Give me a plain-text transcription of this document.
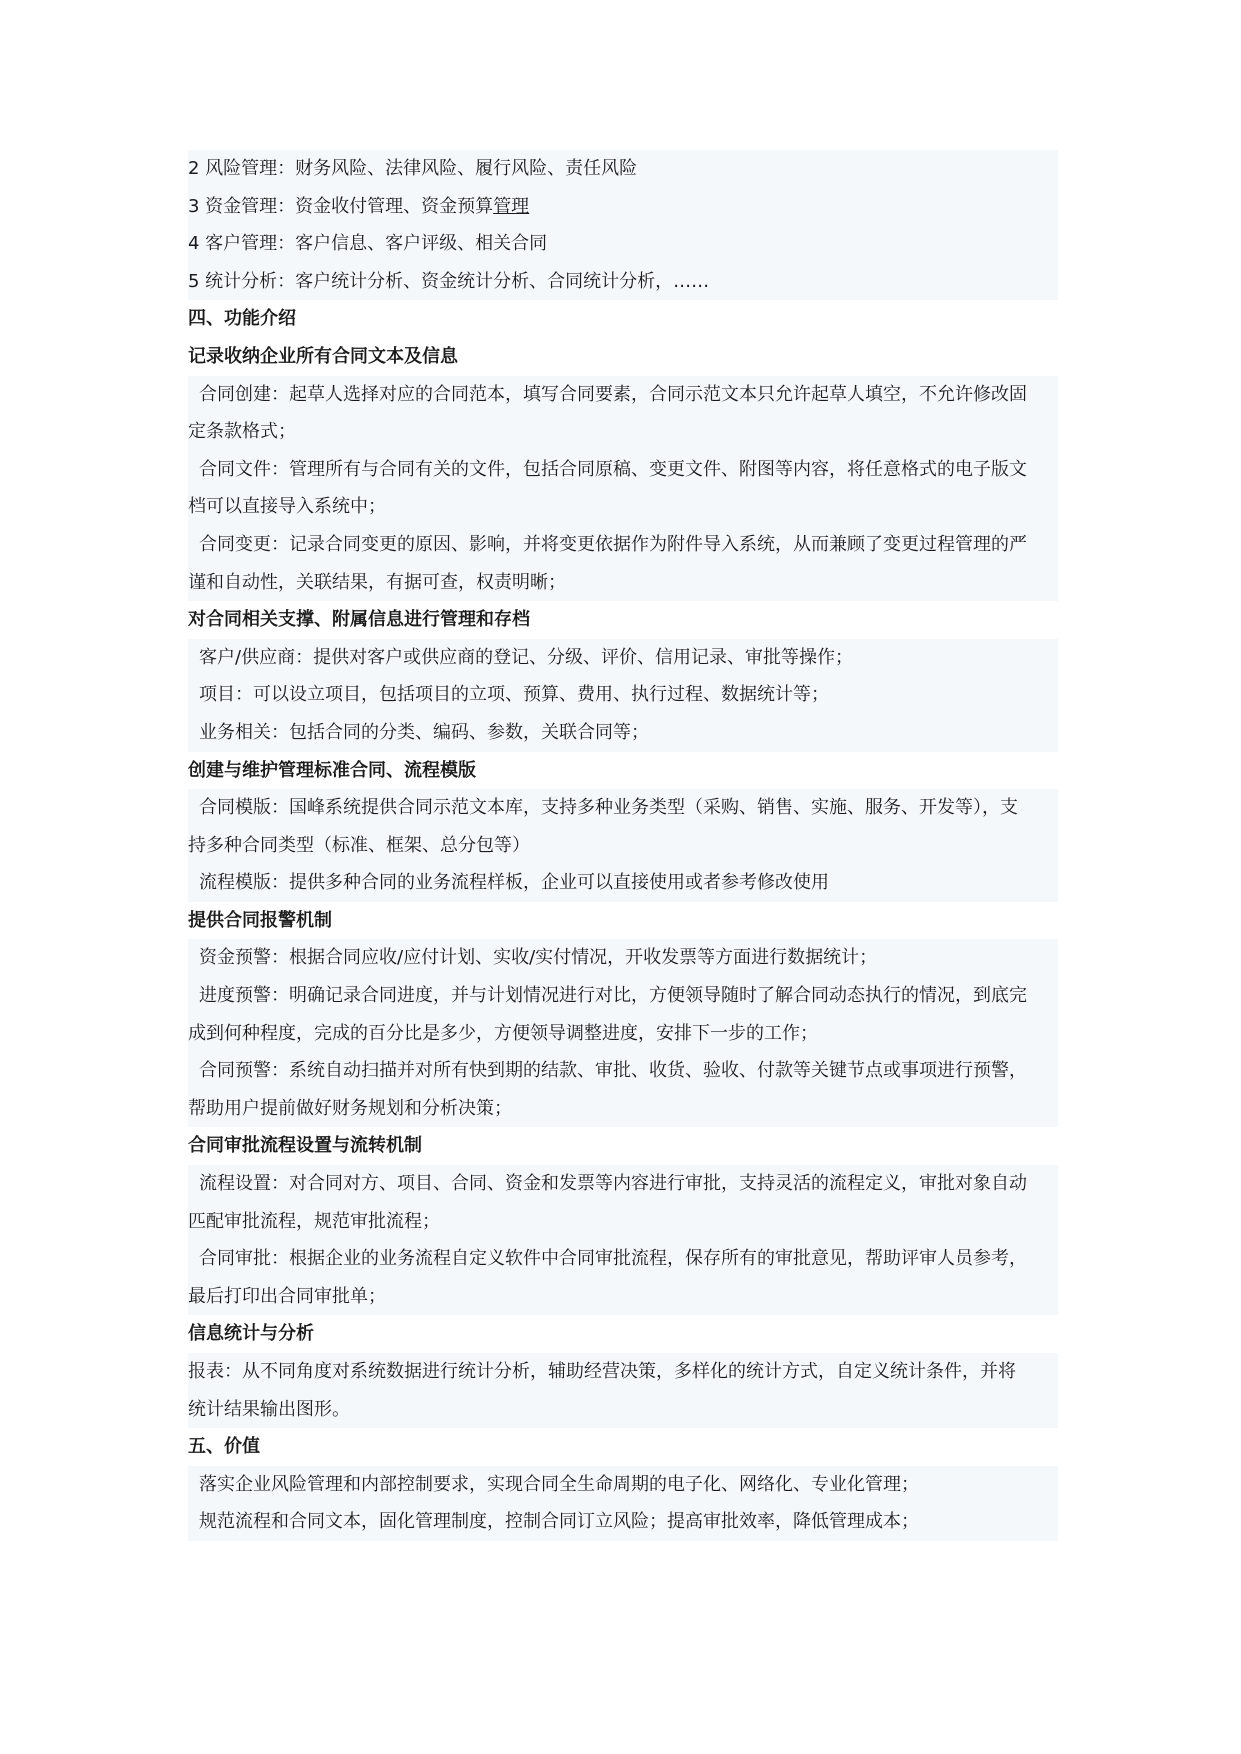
2 风险管理：财务风险、法律风险、履行风险、责任风险
3 资金管理：资金收付管理、资金预算管理
4 客户管理：客户信息、客户评级、相关合同
5 统计分析：客户统计分析、资金统计分析、合同统计分析，……
四、功能介绍
记录收纳企业所有合同文本及信息
合同创建：起草人选择对应的合同范本，填写合同要素，合同示范文本只允许起草人填空，不允许修改固
定条款格式；
合同文件：管理所有与合同有关的文件，包括合同原稿、变更文件、附图等内容，将任意格式的电子版文
档可以直接导入系统中；
合同变更：记录合同变更的原因、影响，并将变更依据作为附件导入系统，从而兼顾了变更过程管理的严
谨和自动性，关联结果，有据可查，权责明晰；
对合同相关支撑、附属信息进行管理和存档
客户/供应商：提供对客户或供应商的登记、分级、评价、信用记录、审批等操作；
项目：可以设立项目，包括项目的立项、预算、费用、执行过程、数据统计等；
业务相关：包括合同的分类、编码、参数，关联合同等；
创建与维护管理标准合同、流程模版
合同模版：国峰系统提供合同示范文本库，支持多种业务类型（采购、销售、实施、服务、开发等），支
持多种合同类型（标准、框架、总分包等）
流程模版：提供多种合同的业务流程样板，企业可以直接使用或者参考修改使用
提供合同报警机制
资金预警：根据合同应收/应付计划、实收/实付情况，开收发票等方面进行数据统计；
进度预警：明确记录合同进度，并与计划情况进行对比，方便领导随时了解合同动态执行的情况，到底完
成到何种程度，完成的百分比是多少，方便领导调整进度，安排下一步的工作；
合同预警：系统自动扫描并对所有快到期的结款、审批、收货、验收、付款等关键节点或事项进行预警，
帮助用户提前做好财务规划和分析决策；
合同审批流程设置与流转机制
流程设置：对合同对方、项目、合同、资金和发票等内容进行审批，支持灵活的流程定义，审批对象自动
匹配审批流程，规范审批流程；
合同审批：根据企业的业务流程自定义软件中合同审批流程，保存所有的审批意见，帮助评审人员参考，
最后打印出合同审批单；
信息统计与分析
报表：从不同角度对系统数据进行统计分析，辅助经营决策，多样化的统计方式，自定义统计条件，并将
统计结果输出图形。
五、价值
落实企业风险管理和内部控制要求，实现合同全生命周期的电子化、网络化、专业化管理；
规范流程和合同文本，固化管理制度，控制合同订立风险；提高审批效率，降低管理成本；
